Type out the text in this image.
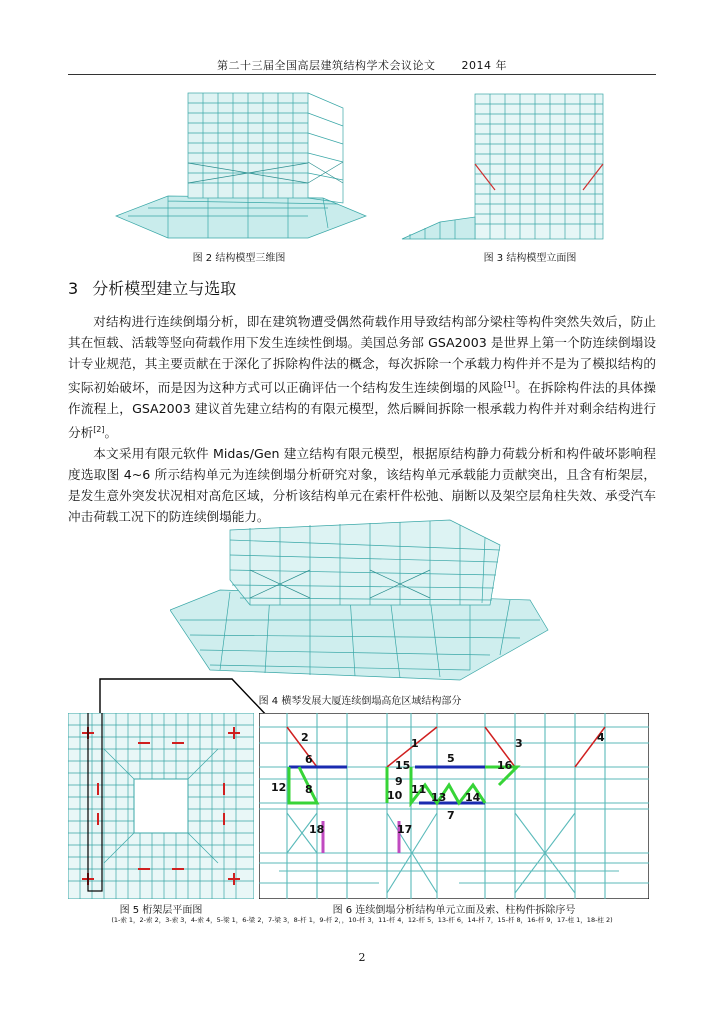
第二十三届全国高层建筑结构学术会议论文 2014 年
图 2 结构模型三维图	图 3 结构模型立面图
3 分析模型建立与选取

对结构进行连续倒塌分析，即在建筑物遭受偶然荷载作用导致结构部分梁柱等构件突然失效后，防止其在恒载、活载等竖向荷载作用下发生连续性倒塌。美国总务部 GSA2003 是世界上第一个防连续倒塌设计专业规范，其主要贡献在于深化了拆除构件法的概念，每次拆除一个承载力构件并不是为了模拟结构的实际初始破坏，而是因为这种方式可以正确评估一个结构发生连续倒塌的风险[1]。在拆除构件法的具体操作流程上，GSA2003 建议首先建立结构的有限元模型，然后瞬间拆除一根承载力构件并对剩余结构进行分析[2]。

本文采用有限元软件 Midas/Gen 建立结构有限元模型，根据原结构静力荷载分析和构件破坏影响程度选取图 4~6 所示结构单元为连续倒塌分析研究对象，该结构单元承载能力贡献突出，且含有桁架层，是发生意外突发状况相对高危区域，分析该结构单元在索杆件松弛、崩断以及架空层角柱失效、承受汽车冲击荷载工况下的防连续倒塌能力。

图 4 横琴发展大厦连续倒塌高危区域结构部分
图 5 桁架层平面图
2	1	3	4
5
6
7
8
9
10 11
12
13 14
15	16
17
18
图 6 连续倒塌分析结构单元立面及索、柱构件拆除序号
(1-索 1，2-索 2，3-索 3，4-索 4，5-梁 1，6-梁 2，7-梁 3，8-杆 1，9-杆 2，，10-杆 3，11-杆 4，12-杆 5，13-杆 6，14-杆 7，15-杆 8，16-杆 9，17-柱 1，18-柱 2)
2
